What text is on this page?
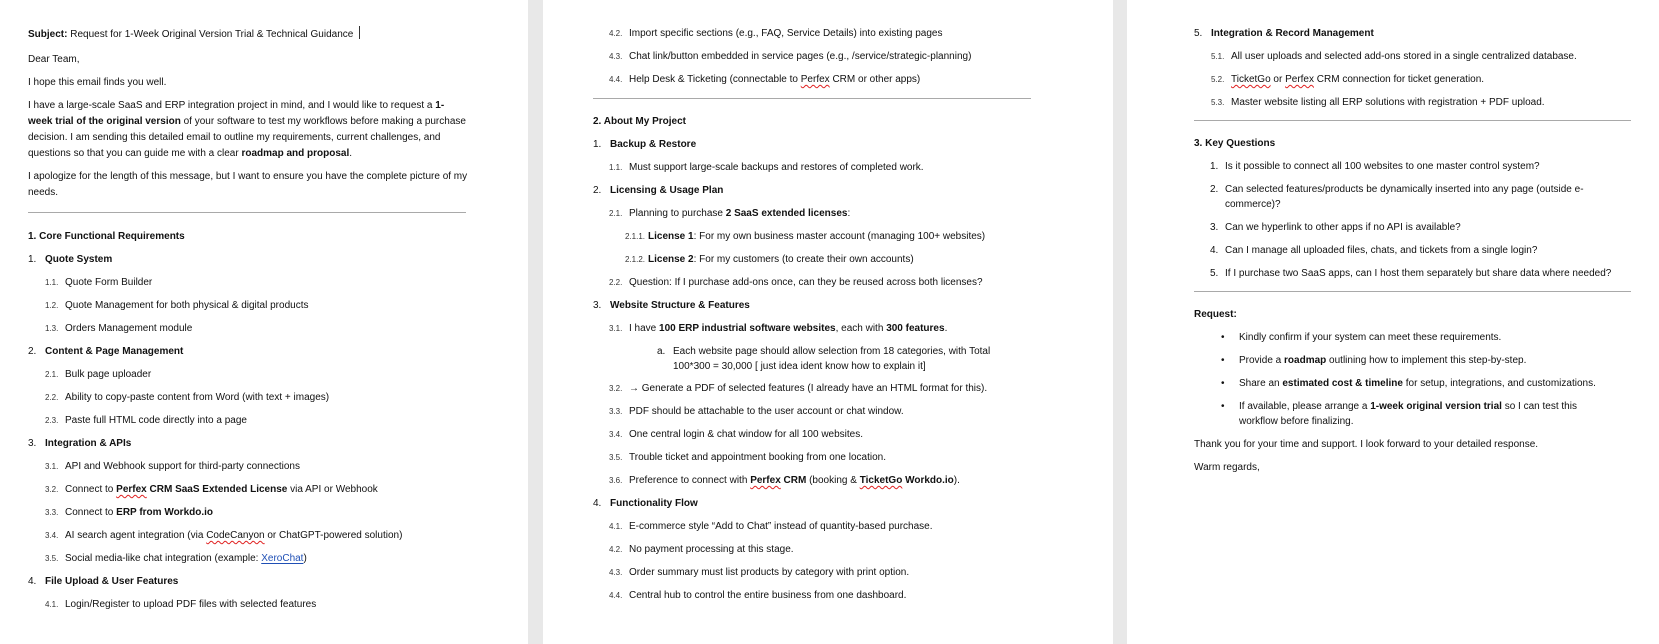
Subject: Request for 1-Week Original Version Trial & Technical Guidance

Dear Team,

I hope this email finds you well.

I have a large-scale SaaS and ERP integration project in mind, and I would like to request a 1-week trial of the original version of your software to test my workflows before making a purchase decision. I am sending this detailed email to outline my requirements, current challenges, and questions so that you can guide me with a clear roadmap and proposal.

I apologize for the length of this message, but I want to ensure you have the complete picture of my needs.

1. Core Functional Requirements
1. Quote System
1.1. Quote Form Builder
1.2. Quote Management for both physical & digital products
1.3. Orders Management module
2. Content & Page Management
2.1. Bulk page uploader
2.2. Ability to copy-paste content from Word (with text + images)
2.3. Paste full HTML code directly into a page
3. Integration & APIs
3.1. API and Webhook support for third-party connections
3.2. Connect to Perfex CRM SaaS Extended License via API or Webhook
3.3. Connect to ERP from Workdo.io
3.4. AI search agent integration (via CodeCanyon or ChatGPT-powered solution)
3.5. Social media-like chat integration (example: XeroChat)
4. File Upload & User Features
4.1. Login/Register to upload PDF files with selected features
4.2. Import specific sections (e.g., FAQ, Service Details) into existing pages
4.3. Chat link/button embedded in service pages (e.g., /service/strategic-planning)
4.4. Help Desk & Ticketing (connectable to Perfex CRM or other apps)
2. About My Project
1. Backup & Restore
1.1. Must support large-scale backups and restores of completed work.
2. Licensing & Usage Plan
2.1. Planning to purchase 2 SaaS extended licenses:
2.1.1. License 1: For my own business master account (managing 100+ websites)
2.1.2. License 2: For my customers (to create their own accounts)
2.2. Question: If I purchase add-ons once, can they be reused across both licenses?
3. Website Structure & Features
3.1. I have 100 ERP industrial software websites, each with 300 features.
a. Each website page should allow selection from 18 categories, with Total 100*300 = 30,000 [ just idea ident know how to explain it]
3.2. → Generate a PDF of selected features (I already have an HTML format for this).
3.3. PDF should be attachable to the user account or chat window.
3.4. One central login & chat window for all 100 websites.
3.5. Trouble ticket and appointment booking from one location.
3.6. Preference to connect with Perfex CRM (booking & TicketGo Workdo.io).
4. Functionality Flow
4.1. E-commerce style “Add to Chat” instead of quantity-based purchase.
4.2. No payment processing at this stage.
4.3. Order summary must list products by category with print option.
4.4. Central hub to control the entire business from one dashboard.
5. Integration & Record Management
5.1. All user uploads and selected add-ons stored in a single centralized database.
5.2. TicketGo or Perfex CRM connection for ticket generation.
5.3. Master website listing all ERP solutions with registration + PDF upload.
3. Key Questions
1. Is it possible to connect all 100 websites to one master control system?
2. Can selected features/products be dynamically inserted into any page (outside e-commerce)?
3. Can we hyperlink to other apps if no API is available?
4. Can I manage all uploaded files, chats, and tickets from a single login?
5. If I purchase two SaaS apps, can I host them separately but share data where needed?
Request:
•	Kindly confirm if your system can meet these requirements.
•	Provide a roadmap outlining how to implement this step-by-step.
•	Share an estimated cost & timeline for setup, integrations, and customizations.
•	If available, please arrange a 1-week original version trial so I can test this workflow before finalizing.

Thank you for your time and support. I look forward to your detailed response.

Warm regards,
